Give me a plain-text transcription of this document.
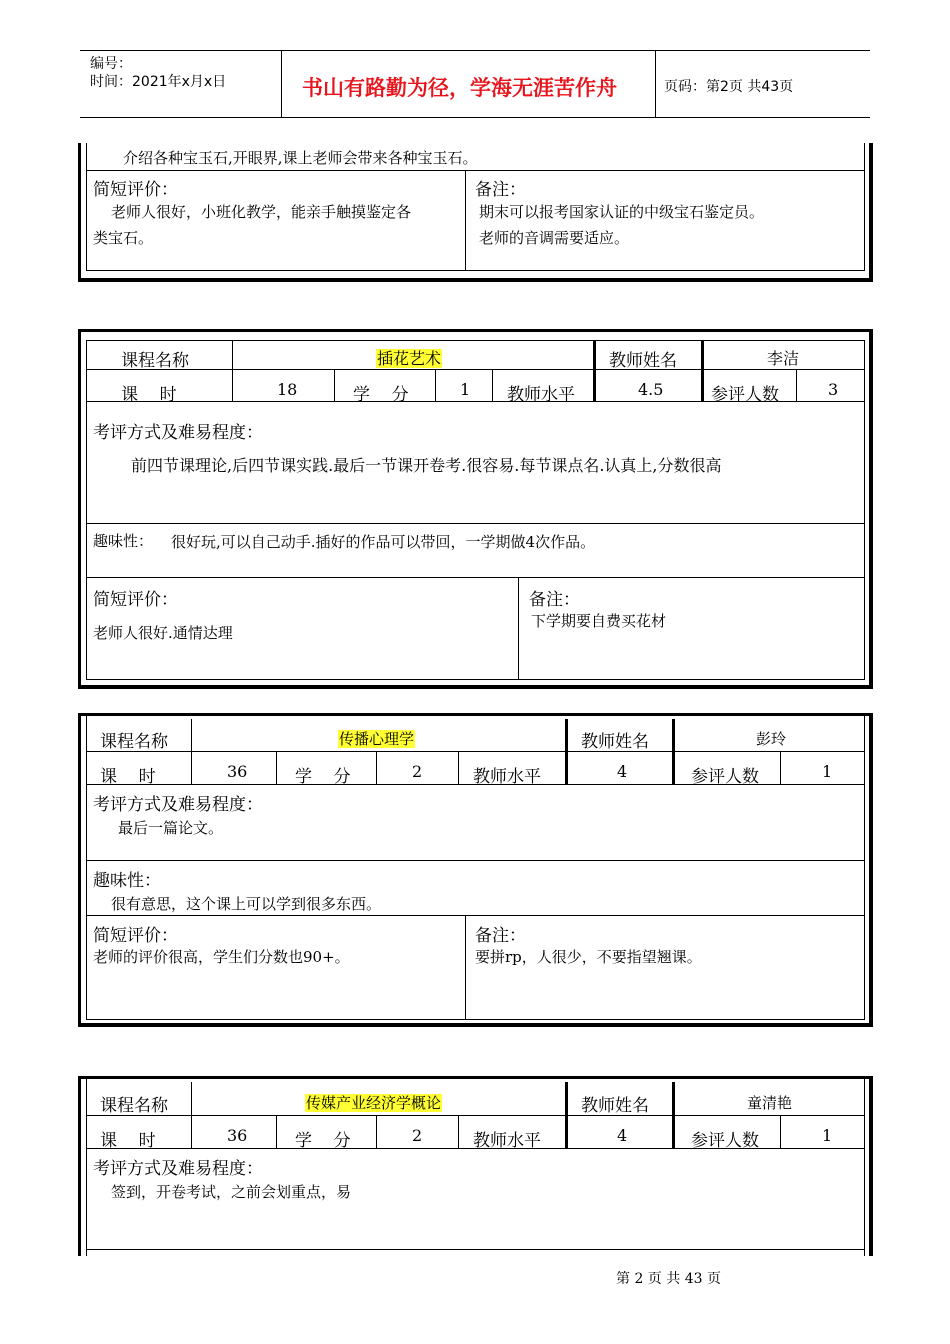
编号：
时间：2021年x月x日	书山有路勤为径，学海无涯苦作舟	页码：第2页 共43页
介绍各种宝玉石,开眼界,课上老师会带来各种宝玉石。
简短评价：
老师人很好，小班化教学，能亲手触摸鉴定各
类宝石。
备注：
期末可以报考国家认证的中级宝石鉴定员。
老师的音调需要适应。
课程名称	插花艺术	教师姓名	李洁
课    时	18	学    分	1 教师水平	4.5	参评人数	3
考评方式及难易程度：
前四节课理论,后四节课实践.最后一节课开卷考.很容易.每节课点名.认真上,分数很高
趣味性： 很好玩,可以自己动手.插好的作品可以带回，一学期做4次作品。
简短评价：
老师人很好.通情达理
备注：
下学期要自费买花材
课程名称	传播心理学	教师姓名	彭玲
课    时	36	学    分	2	教师水平	4	参评人数	1
考评方式及难易程度：
最后一篇论文。
趣味性：
很有意思，这个课上可以学到很多东西。
简短评价：
老师的评价很高，学生们分数也90+。
备注：
要拼rp，人很少，不要指望翘课。
课程名称	传媒产业经济学概论	教师姓名	童清艳
课    时	36	学    分	2	教师水平	4	参评人数	1
考评方式及难易程度：
签到，开卷考试，之前会划重点，易
第 2 页 共 43 页
